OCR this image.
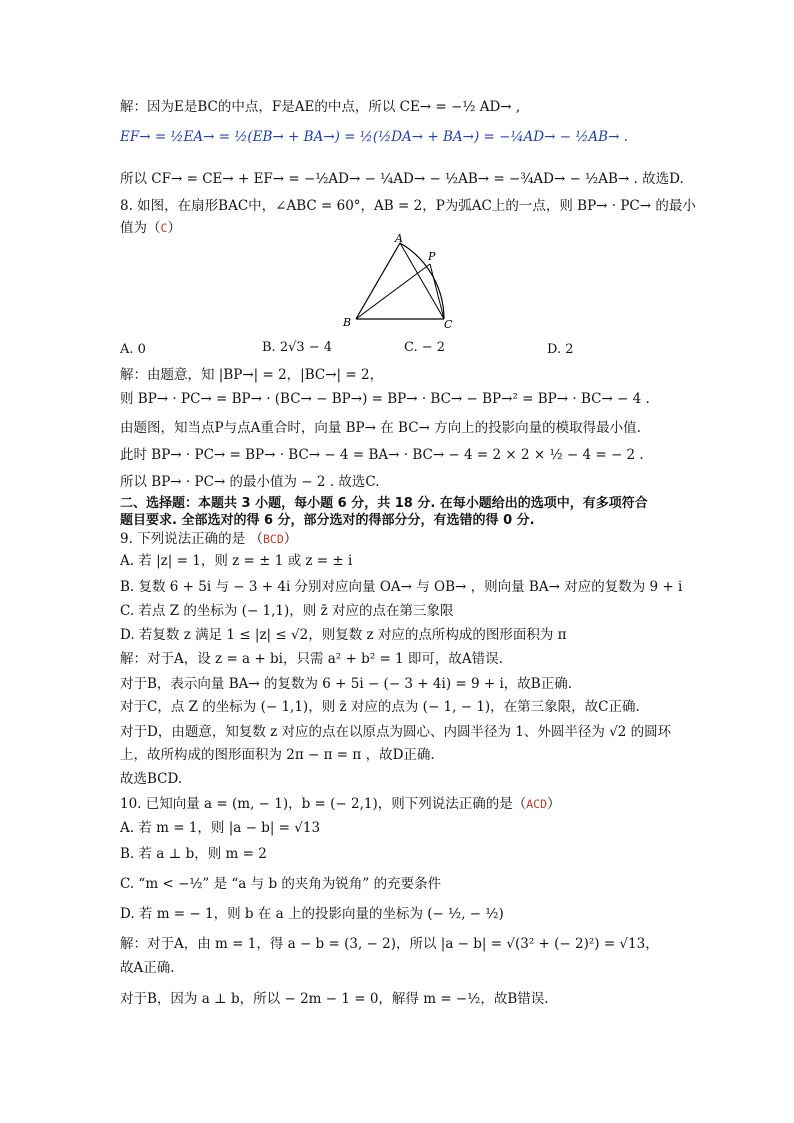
解：因为E是BC的中点，F是AE的中点，所以 CE→ = −½ AD→ ,
EF→ = ½EA→ = ½(EB→ + BA→) = ½(½DA→ + BA→) = −¼AD→ − ½AB→ .
所以 CF→ = CE→ + EF→ = −½AD→ − ¼AD→ − ½AB→ = −¾AD→ − ½AB→ . 故选D.
8. 如图，在扇形BAC中，∠ABC = 60°，AB = 2，P为弧AC上的一点，则 BP→ · PC→ 的最小
值为（C）
A
P
B	C
A. 0	B. 2√3 − 4	C. − 2	D. 2
解：由题意，知 |BP→| = 2，|BC→| = 2，
则 BP→ · PC→ = BP→ · (BC→ − BP→) = BP→ · BC→ − BP→² = BP→ · BC→ − 4 .
由题图，知当点P与点A重合时，向量 BP→ 在 BC→ 方向上的投影向量的模取得最小值.
此时 BP→ · PC→ = BP→ · BC→ − 4 = BA→ · BC→ − 4 = 2 × 2 × ½ − 4 = − 2 .
所以 BP→ · PC→ 的最小值为 − 2 . 故选C.
二、选择题：本题共 3 小题，每小题 6 分，共 18 分. 在每小题给出的选项中，有多项符合
题目要求. 全部选对的得 6 分，部分选对的得部分分，有选错的得 0 分.
9. 下列说法正确的是 （BCD）
A. 若 |z| = 1，则 z = ± 1 或 z = ± i
B. 复数 6 + 5i 与 − 3 + 4i 分别对应向量 OA→ 与 OB→ ，则向量 BA→ 对应的复数为 9 + i
C. 若点 Z 的坐标为 (− 1,1)，则 z̄ 对应的点在第三象限
D. 若复数 z 满足 1 ≤ |z| ≤ √2，则复数 z 对应的点所构成的图形面积为 π
解：对于A，设 z = a + bi，只需 a² + b² = 1 即可，故A错误.
对于B，表示向量 BA→ 的复数为 6 + 5i − (− 3 + 4i) = 9 + i，故B正确.
对于C，点 Z 的坐标为 (− 1,1)，则 z̄ 对应的点为 (− 1, − 1)，在第三象限，故C正确.
对于D，由题意，知复数 z 对应的点在以原点为圆心、内圆半径为 1、外圆半径为 √2 的圆环
上，故所构成的图形面积为 2π − π = π ，故D正确.
故选BCD.
10. 已知向量 a = (m, − 1)，b = (− 2,1)，则下列说法正确的是（ACD）
A. 若 m = 1，则 |a − b| = √13
B. 若 a ⊥ b，则 m = 2
C. “m < −½” 是 “a 与 b 的夹角为锐角” 的充要条件
D. 若 m = − 1，则 b 在 a 上的投影向量的坐标为 (− ½, − ½)
解：对于A，由 m = 1，得 a − b = (3, − 2)，所以 |a − b| = √(3² + (− 2)²) = √13，
故A正确.
对于B，因为 a ⊥ b，所以 − 2m − 1 = 0，解得 m = −½，故B错误.
